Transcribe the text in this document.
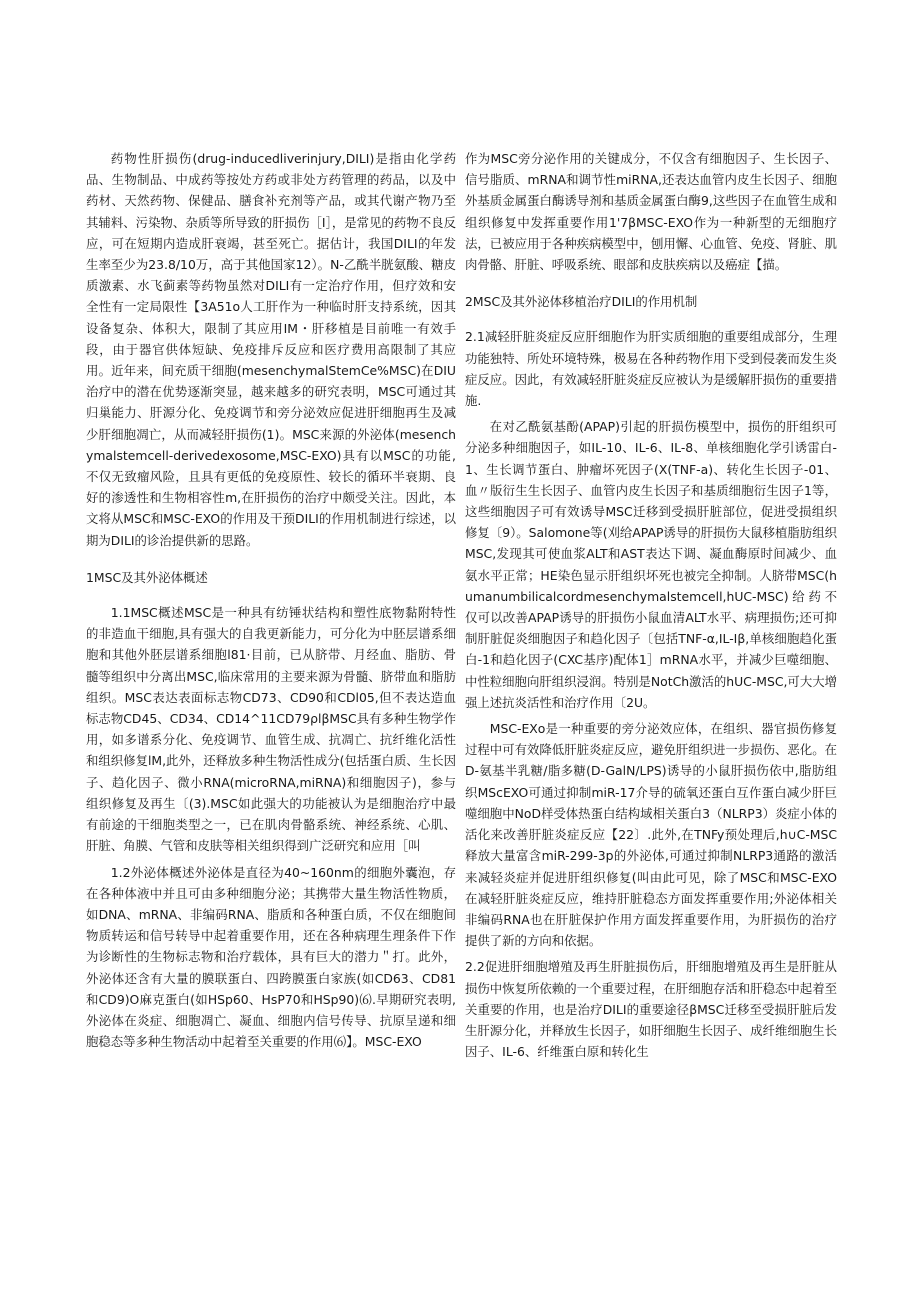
药物性肝损伤(drug-inducedliverinjury,DILI)是指由化学药品、生物制品、中成药等按处方药或非处方药管理的药品，以及中药材、天然药物、保健品、膳食补充剂等产品，或其代谢产物乃至其辅料、污染物、杂质等所导致的肝损伤［I］，是常见的药物不良反应，可在短期内造成肝衰竭，甚至死亡。据估计，我国DILI的年发生率至少为23.8/10万，高于其他国家12）。N-乙酰半胱氨酸、糖皮质激素、水飞蓟素等药物虽然对DILI有一定治疗作用，但疗效和安全性有一定局限性【3A51o人工肝作为一种临时肝支持系统，因其设备复杂、体积大，限制了其应用IM・肝移植是目前唯一有效手段，由于器官供体短缺、免疫排斥反应和医疗费用高限制了其应用。近年来，间充质干细胞(mesenchymalStemCe%MSC)在DIU治疗中的潜在优势逐渐突显，越来越多的研究表明，MSC可通过其归巢能力、肝源分化、免疫调节和旁分泌效应促进肝细胞再生及减少肝细胞凋亡，从而减轻肝损伤(1)。MSC来源的外泌体(mesenchymalstemcell-derivedexosome,MSC-EXO)具有以MSC的功能,不仅无致瘤风险，且具有更低的免疫原性、较长的循环半衰期、良好的渗透性和生物相容性m,在肝损伤的治疗中颇受关注。因此，本文将从MSC和MSC-EXO的作用及干预DILI的作用机制进行综述，以期为DILI的诊治提供新的思路。

1MSC及其外泌体概述

1.1MSC概述MSC是一种具有纺锤状结构和塑性底物黏附特性的非造血干细胞,具有强大的自我更新能力，可分化为中胚层谱系细胞和其他外胚层谱系细胞l81·目前，已从脐带、月经血、脂肪、骨髓等组织中分离出MSC,临床常用的主要来源为骨髓、脐带血和脂肪组织。MSC表达表面标志物CD73、CD90和CDl05,但不表达造血标志物CD45、CD34、CD14^11CD79ρlβMSC具有多种生物学作用，如多谱系分化、免疫调节、血管生成、抗凋亡、抗纤维化活性和组织修复lM,此外，还释放多种生物活性成分(包括蛋白质、生长因子、趋化因子、微小RNA(microRNA,miRNA)和细胞因子)，参与组织修复及再生〔(3).MSC如此强大的功能被认为是细胞治疗中最有前途的干细胞类型之一，已在肌肉骨骼系统、神经系统、心肌、肝脏、角膜、气管和皮肤等相关组织得到广泛研究和应用［叫

1.2外泌体概述外泌体是直径为40~160nm的细胞外囊泡，存在各种体液中并且可由多种细胞分泌；其携带大量生物活性物质，如DNA、mRNA、非编码RNA、脂质和各种蛋白质，不仅在细胞间物质转运和信号转导中起着重要作用，还在各种病理生理条件下作为诊断性的生物标志物和治疗载体，具有巨大的潜力＂打。此外，外泌体还含有大量的膜联蛋白、四跨膜蛋白家族(如CD63、CD81和CD9)O麻克蛋白(如HSp60、HsP70和HSp90)⑹.早期研究表明,外泌体在炎症、细胞凋亡、凝血、细胞内信号传导、抗原呈递和细胞稳态等多种生物活动中起着至关重要的作用⑹】。MSC-EXO

作为MSC旁分泌作用的关键成分，不仅含有细胞因子、生长因子、信号脂质、mRNA和调节性miRNA,还表达血管内皮生长因子、细胞外基质金属蛋白酶诱导剂和基质金属蛋白酶9,这些因子在血管生成和组织修复中发挥重要作用1'7βMSC-EXO作为一种新型的无细胞疗法，已被应用于各种疾病模型中，刨用懈、心血管、免疫、肾脏、肌肉骨骼、肝脏、呼吸系统、眼部和皮肤疾病以及癌症【描。

2MSC及其外泌体移植治疗DILI的作用机制

2.1减轻肝脏炎症反应肝细胞作为肝实质细胞的重要组成部分，生理功能独特、所处环境特殊，极易在各种药物作用下受到侵袭而发生炎症反应。因此，有效减轻肝脏炎症反应被认为是缓解肝损伤的重要措施.

在对乙酰氨基酚(APAP)引起的肝损伤模型中，损伤的肝组织可分泌多种细胞因子，如IL-10、IL-6、IL-8、单核细胞化学引诱雷白-1、生长调节蛋白、肿瘤坏死因子(X(TNF-a)、转化生长因子-01、血〃版衍生生长因子、血管内皮生长因子和基质细胞衍生因子1等，这些细胞因子可有效诱导MSC迁移到受损肝脏部位，促进受损组织修复〔9）。Salomone等(刈给APAP诱导的肝损伤大鼠移植脂肪组织MSC,发现其可使血浆ALT和AST表达下调、凝血酶原时间减少、血氨水平正常；HE染色显示肝组织坏死也被完全抑制。人脐带MSC(humanumbilicalcordmesenchymalstemcell,hUC-MSC)给药不仅可以改善APAP诱导的肝损伤小鼠血清ALT水平、病理损伤;还可抑制肝脏促炎细胞因子和趋化因子〔包括TNF-α,IL-Iβ,单核细胞趋化蛋白-1和趋化因子(CXC基序)配体1］mRNA水平，并减少巨噬细胞、中性粒细胞向肝组织浸润。特别是NotCh激活的hUC-MSC,可大大增强上述抗炎活性和治疗作用〔2U。

MSC-EXo是一种重要的旁分泌效应体，在组织、器官损伤修复过程中可有效降低肝脏炎症反应，避免肝组织进一步损伤、恶化。在D-氨基半乳糖/脂多糖(D-GalN/LPS)诱导的小鼠肝损伤依中,脂肪组织MScEXO可通过抑制miR-17介导的硫氧还蛋白互作蛋白减少肝巨噬细胞中NoD样受体热蛋白结构域相关蛋白3（NLRP3）炎症小体的活化来改善肝脏炎症反应【22〕.此外,在TNFy预处理后,h∪C-MSC释放大量富含miR-299-3p的外泌体,可通过抑制NLRP3通路的激活来减轻炎症并促进肝组织修复(叫由此可见，除了MSC和MSC-EXO在减轻肝脏炎症反应，维持肝脏稳态方面发挥重要作用;外泌体相关非编码RNA也在肝脏保护作用方面发挥重要作用，为肝损伤的治疗提供了新的方向和依据。

2.2促进肝细胞增殖及再生肝脏损伤后，肝细胞增殖及再生是肝脏从损伤中恢复所依赖的一个重要过程，在肝细胞存活和肝稳态中起着至关重要的作用，也是治疗DILI的重要途径βMSC迁移至受损肝脏后发生肝源分化，并释放生长因子，如肝细胞生长因子、成纤维细胞生长因子、IL-6、纤维蛋白原和转化生
